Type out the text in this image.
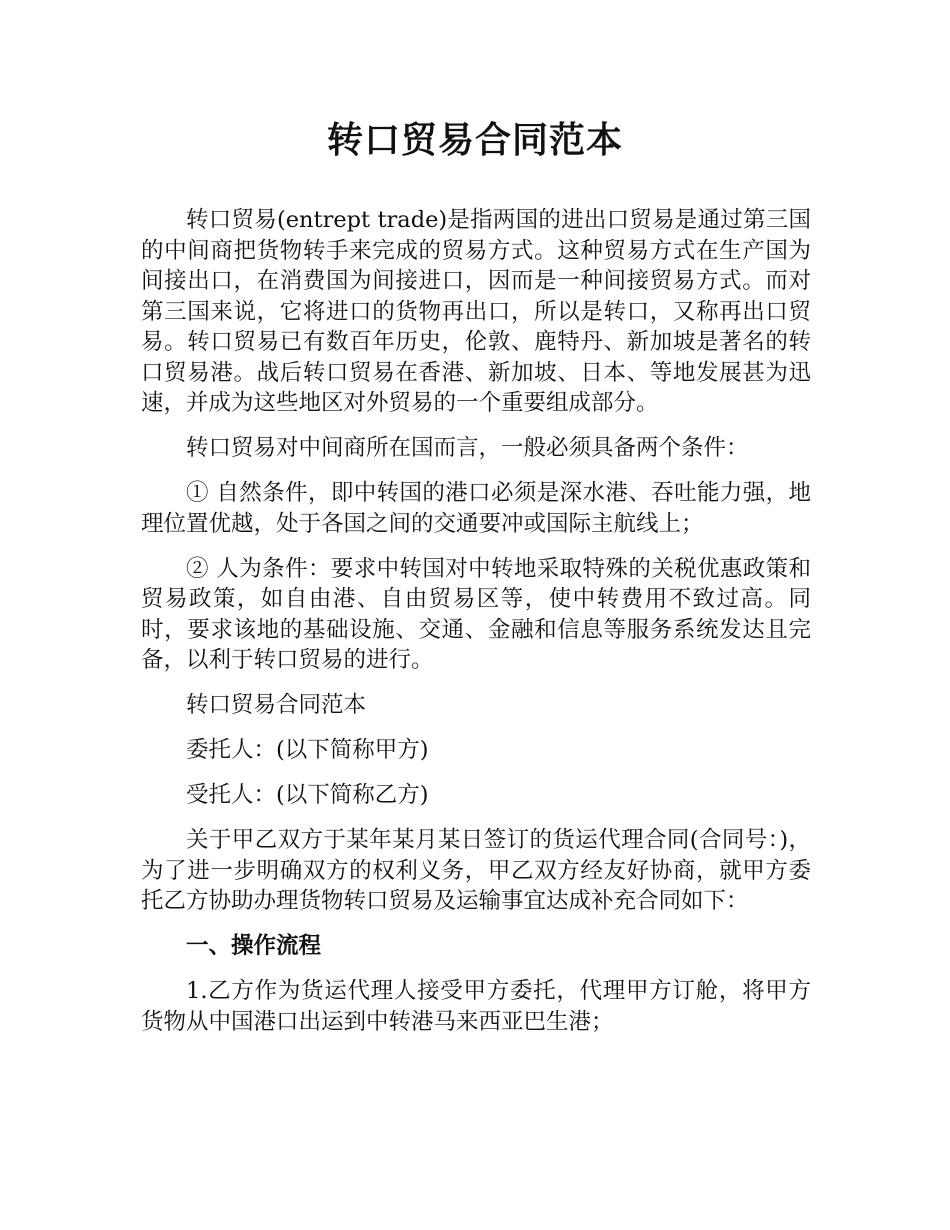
转口贸易合同范本

转口贸易(entrept trade)是指两国的进出口贸易是通过第三国的中间商把货物转手来完成的贸易方式。这种贸易方式在生产国为间接出口，在消费国为间接进口，因而是一种间接贸易方式。而对第三国来说，它将进口的货物再出口，所以是转口，又称再出口贸易。转口贸易已有数百年历史，伦敦、鹿特丹、新加坡是著名的转口贸易港。战后转口贸易在香港、新加坡、日本、等地发展甚为迅速，并成为这些地区对外贸易的一个重要组成部分。

转口贸易对中间商所在国而言，一般必须具备两个条件：

① 自然条件，即中转国的港口必须是深水港、吞吐能力强，地理位置优越，处于各国之间的交通要冲或国际主航线上；

② 人为条件：要求中转国对中转地采取特殊的关税优惠政策和贸易政策，如自由港、自由贸易区等，使中转费用不致过高。同时，要求该地的基础设施、交通、金融和信息等服务系统发达且完备，以利于转口贸易的进行。

转口贸易合同范本

委托人：(以下简称甲方)

受托人：(以下简称乙方)

关于甲乙双方于某年某月某日签订的货运代理合同(合同号：)，为了进一步明确双方的权利义务，甲乙双方经友好协商，就甲方委托乙方协助办理货物转口贸易及运输事宜达成补充合同如下：

一、操作流程

1.乙方作为货运代理人接受甲方委托，代理甲方订舱，将甲方货物从中国港口出运到中转港马来西亚巴生港；
